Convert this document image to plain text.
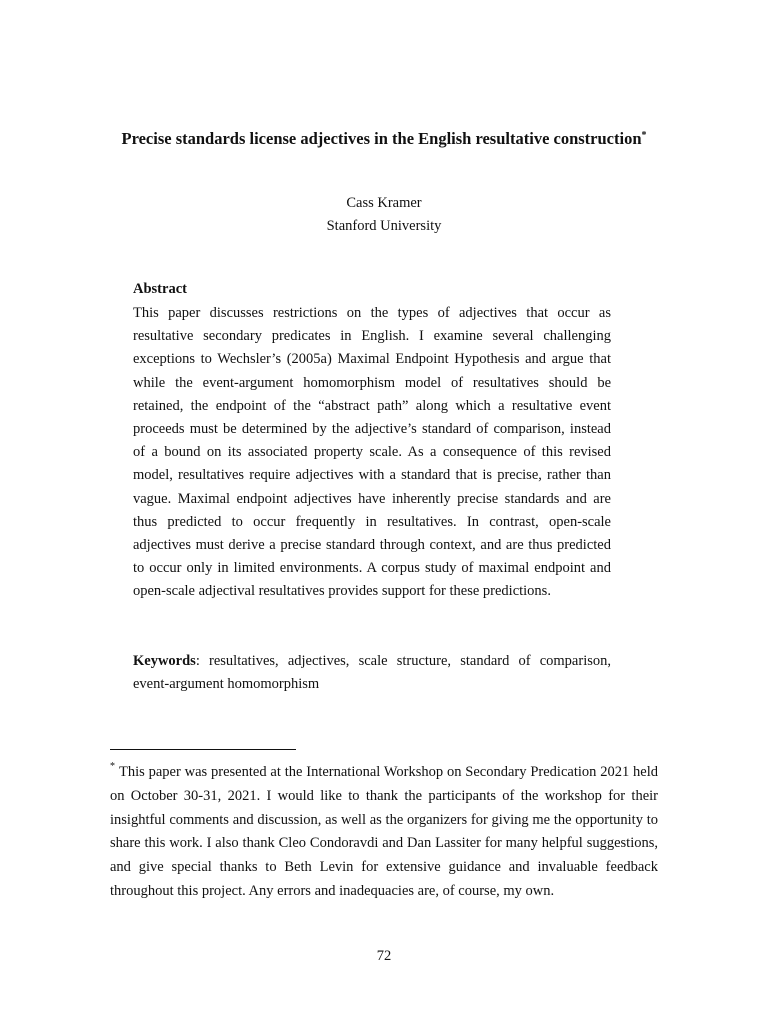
Precise standards license adjectives in the English resultative construction*
Cass Kramer
Stanford University
Abstract
This paper discusses restrictions on the types of adjectives that occur as resultative secondary predicates in English. I examine several challenging exceptions to Wechsler’s (2005a) Maximal Endpoint Hypothesis and argue that while the event-argument homomorphism model of resultatives should be retained, the endpoint of the “abstract path” along which a resultative event proceeds must be determined by the adjective’s standard of comparison, instead of a bound on its associated property scale. As a consequence of this revised model, resultatives require adjectives with a standard that is precise, rather than vague. Maximal endpoint adjectives have inherently precise standards and are thus predicted to occur frequently in resultatives. In contrast, open-scale adjectives must derive a precise standard through context, and are thus predicted to occur only in limited environments. A corpus study of maximal endpoint and open-scale adjectival resultatives provides support for these predictions.
Keywords: resultatives, adjectives, scale structure, standard of comparison, event-argument homomorphism
* This paper was presented at the International Workshop on Secondary Predication 2021 held on October 30-31, 2021. I would like to thank the participants of the workshop for their insightful comments and discussion, as well as the organizers for giving me the opportunity to share this work. I also thank Cleo Condoravdi and Dan Lassiter for many helpful suggestions, and give special thanks to Beth Levin for extensive guidance and invaluable feedback throughout this project. Any errors and inadequacies are, of course, my own.
72
